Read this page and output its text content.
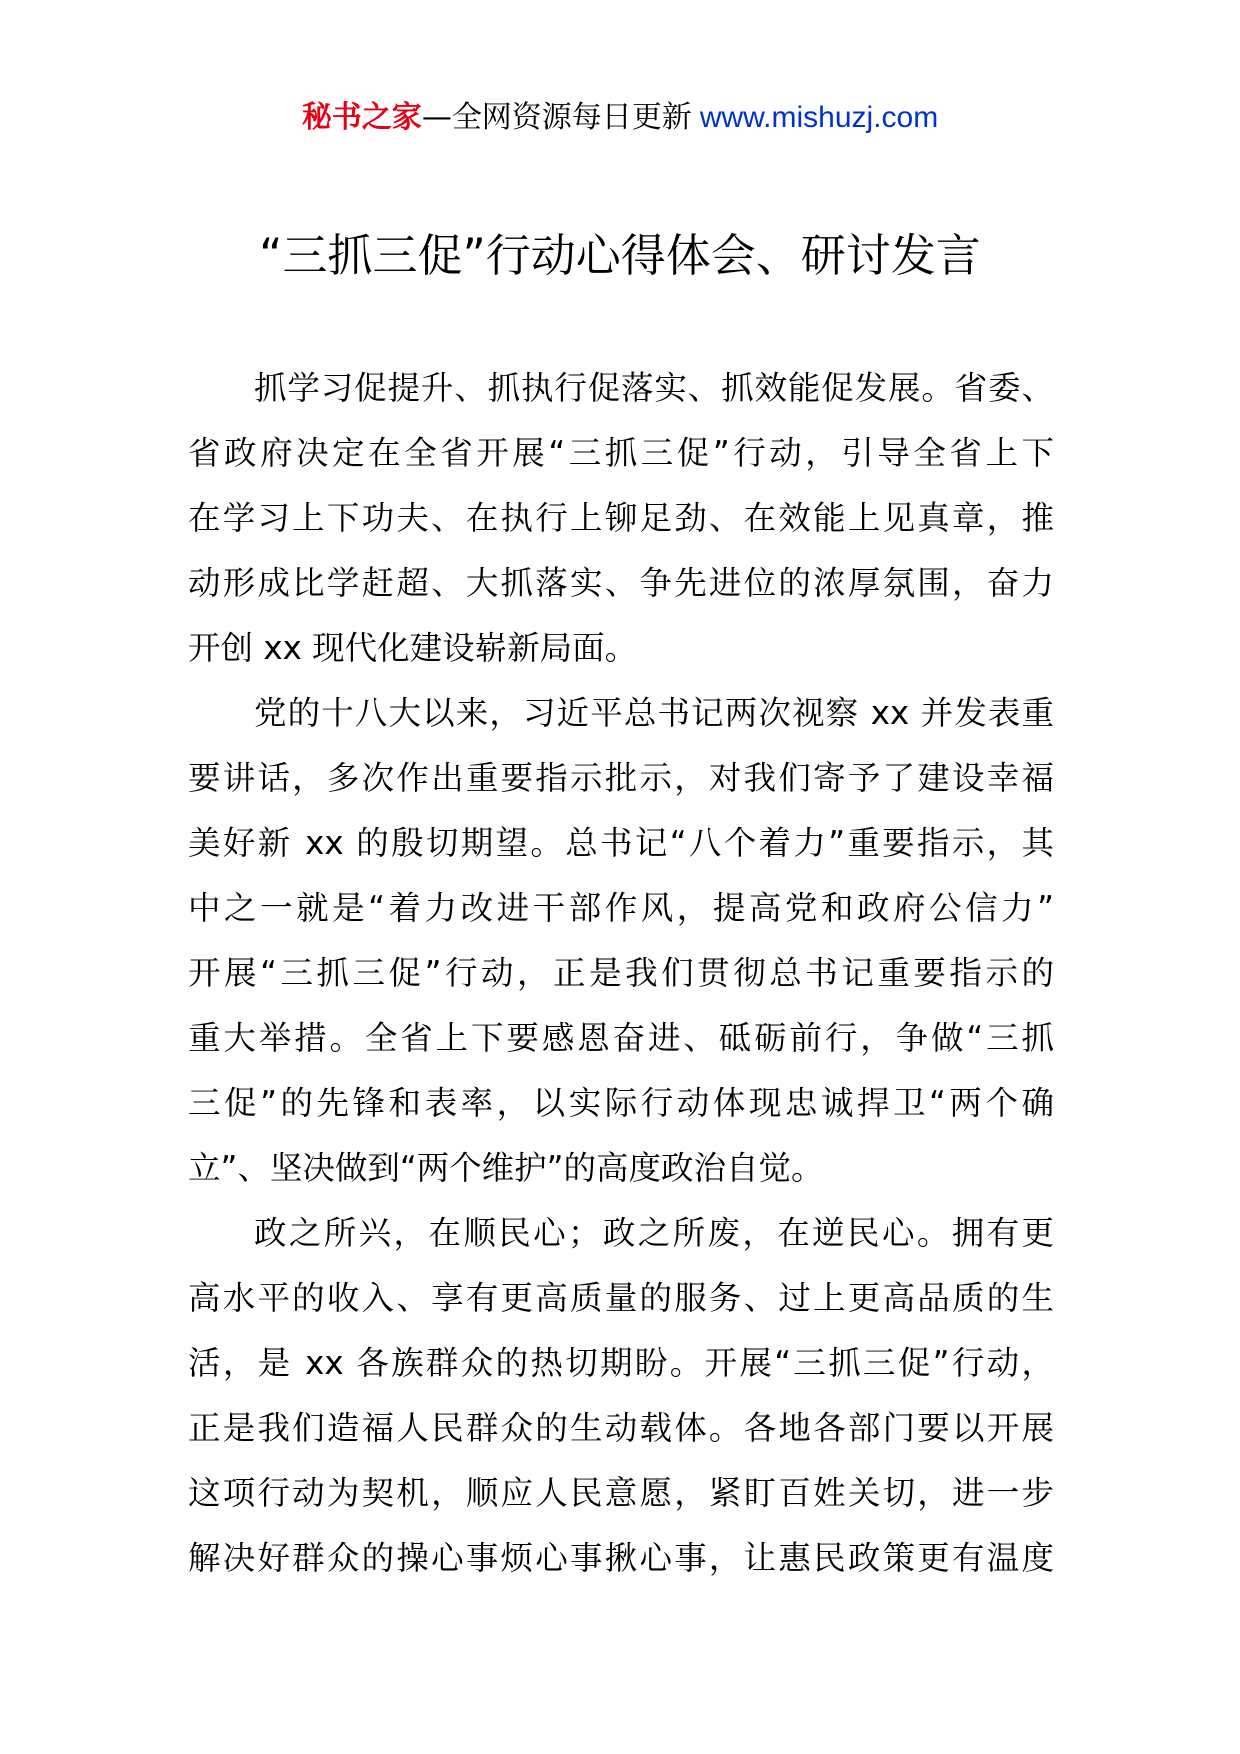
秘书之家—全网资源每日更新 www.mishuzj.com
“三抓三促”行动心得体会、研讨发言

抓学习促提升、抓执行促落实、抓效能促发展。省委、
省政府决定在全省开展“三抓三促”行动，引导全省上下
在学习上下功夫、在执行上铆足劲、在效能上见真章，推
动形成比学赶超、大抓落实、争先进位的浓厚氛围，奋力
开创 xx 现代化建设崭新局面。

党的十八大以来，习近平总书记两次视察 xx 并发表重
要讲话，多次作出重要指示批示，对我们寄予了建设幸福
美好新 xx 的殷切期望。总书记“八个着力”重要指示，其
中之一就是“着力改进干部作风，提高党和政府公信力”
开展“三抓三促”行动，正是我们贯彻总书记重要指示的
重大举措。全省上下要感恩奋进、砥砺前行，争做“三抓
三促”的先锋和表率，以实际行动体现忠诚捍卫“两个确
立”、坚决做到“两个维护”的高度政治自觉。

政之所兴，在顺民心；政之所废，在逆民心。拥有更
高水平的收入、享有更高质量的服务、过上更高品质的生
活，是 xx 各族群众的热切期盼。开展“三抓三促”行动，
正是我们造福人民群众的生动载体。各地各部门要以开展
这项行动为契机，顺应人民意愿，紧盯百姓关切，进一步
解决好群众的操心事烦心事揪心事，让惠民政策更有温度
